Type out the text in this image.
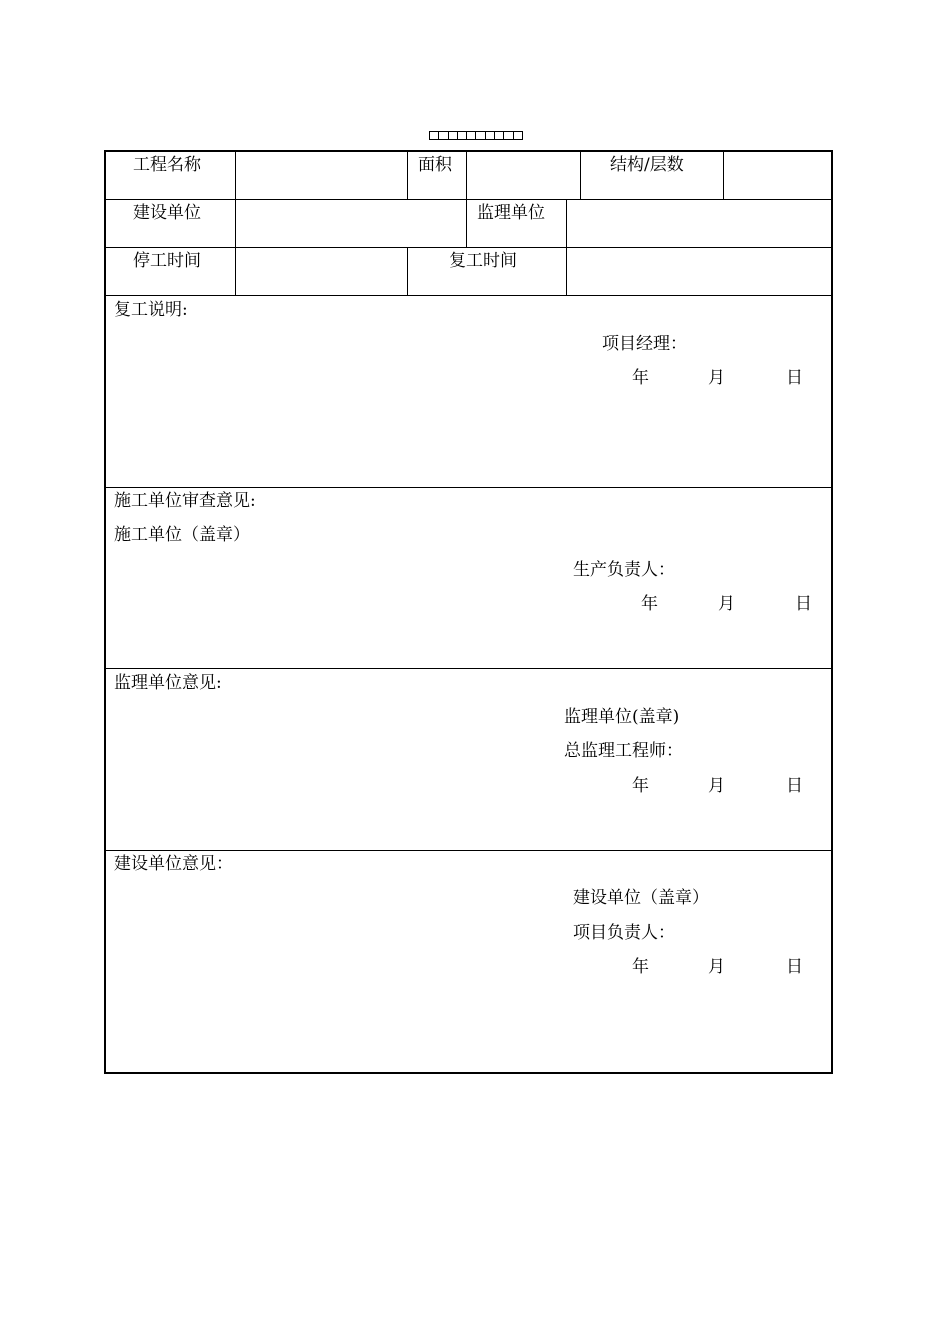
工程名称	面积	结构/层数
建设单位	监理单位
停工时间	复工时间
复工说明:
项目经理：
年	月	日
施工单位审查意见:
施工单位（盖章）
生产负责人：
年	月	日
监理单位意见:
监理单位(盖章)
总监理工程师：
年	月	日
建设单位意见：
建设单位（盖章）
项目负责人：
年	月	日
